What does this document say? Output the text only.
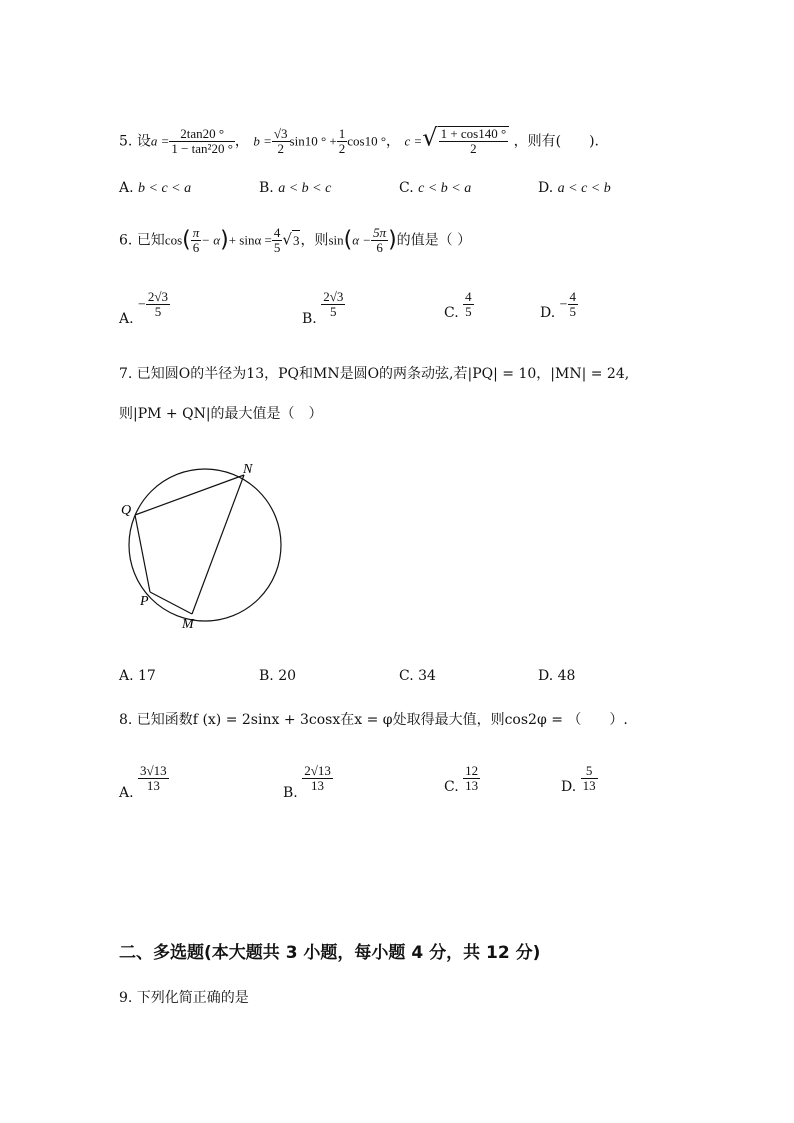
5. 设$a = \frac{2\tan 20 ^\circ}{\text{1 − tan²20 °}}$ ， $b = \frac{√3}{2} \sin 10$ ° + $\frac{1}{2} \cos 10$ °， c =√ $\frac{1 + \cos 140 ^\circ}{2}$ ，则有(　　).
A. b < c < a	B. a < b < c	C. c < b < a	D. a < c < b
6. 已知$\cos( \frac{\pi}{6} - \alpha)+ \sin\alpha = \frac{4}{5} √3$，则$\sin(\alpha - \frac{5\pi}{6}$ )的值是（ ）
A. − $\frac{2√3}{5}$	B. $\frac{2√3}{5}$	C. $\frac{4}{5}$	D. − $\frac{4}{5}$
7. 已知圆O的半径为13，PQ和MN是圆O的两条动弦,若|PQ| = 10，|MN| = 24,
则|PM + QN|的最大值是（　）
N
Q
P
M
A. 17	B. 20	C. 34	D. 48
8. 已知函数f (x) = 2sinx + 3cosx在x = φ处取得最大值，则cos2φ = （　　）.
A. $\frac{3√13}{13}$	B. $\frac{2√13}{13}$	C. $\frac{12}{13}$	D. $\frac{5}{13}$
二、多选题(本大题共 3 小题，每小题 4 分，共 12 分)
9. 下列化简正确的是
